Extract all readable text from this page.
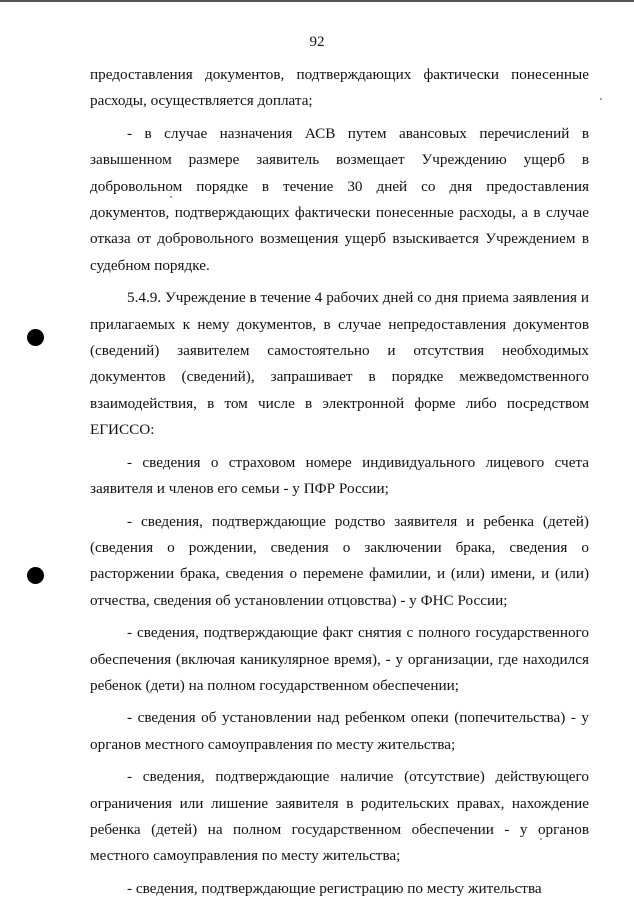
92

предоставления документов, подтверждающих фактически понесенные расходы, осуществляется доплата;

- в случае назначения АСВ путем авансовых перечислений в завышенном размере заявитель возмещает Учреждению ущерб в добровольном порядке в течение 30 дней со дня предоставления документов, подтверждающих фактически понесенные расходы, а в случае отказа от добровольного возмещения ущерб взыскивается Учреждением в судебном порядке.

5.4.9. Учреждение в течение 4 рабочих дней со дня приема заявления и прилагаемых к нему документов, в случае непредоставления документов (сведений) заявителем самостоятельно и отсутствия необходимых документов (сведений), запрашивает в порядке межведомственного взаимодействия, в том числе в электронной форме либо посредством ЕГИССО:

- сведения о страховом номере индивидуального лицевого счета заявителя и членов его семьи - у ПФР России;

- сведения, подтверждающие родство заявителя и ребенка (детей) (сведения о рождении, сведения о заключении брака, сведения о расторжении брака, сведения о перемене фамилии, и (или) имени, и (или) отчества, сведения об установлении отцовства) - у ФНС России;

- сведения, подтверждающие факт снятия с полного государственного обеспечения (включая каникулярное время), - у организации, где находился ребенок (дети) на полном государственном обеспечении;

- сведения об установлении над ребенком опеки (попечительства) - у органов местного самоуправления по месту жительства;

- сведения, подтверждающие наличие (отсутствие) действующего ограничения или лишение заявителя в родительских правах, нахождение ребенка (детей) на полном государственном обеспечении - у органов местного самоуправления по месту жительства;

- сведения, подтверждающие регистрацию по месту жительства
